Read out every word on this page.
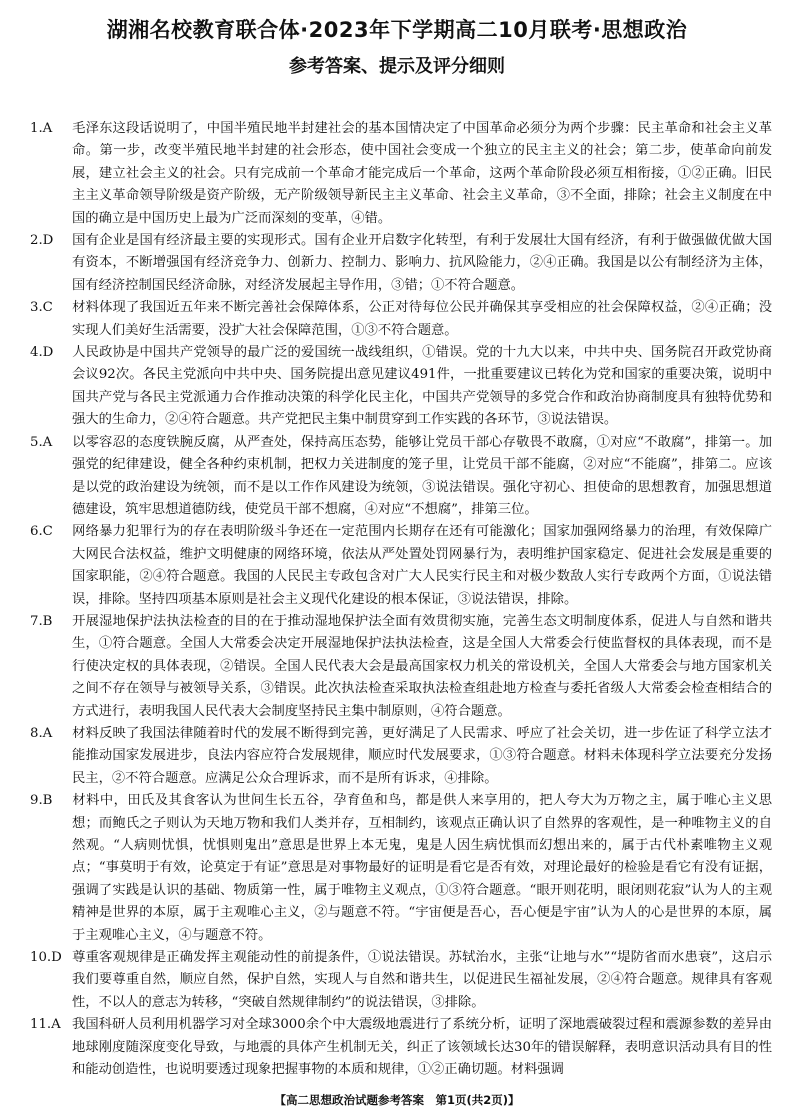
湖湘名校教育联合体·2023年下学期高二10月联考·思想政治
参考答案、提示及评分细则

1.A 毛泽东这段话说明了，中国半殖民地半封建社会的基本国情决定了中国革命必须分为两个步骤：民主革命和社会主义革命。第一步，改变半殖民地半封建的社会形态，使中国社会变成一个独立的民主主义的社会；第二步，使革命向前发展，建立社会主义的社会。只有完成前一个革命才能完成后一个革命，这两个革命阶段必须互相衔接，①②正确。旧民主主义革命领导阶级是资产阶级，无产阶级领导新民主主义革命、社会主义革命，③不全面，排除；社会主义制度在中国的确立是中国历史上最为广泛而深刻的变革，④错。

2.D 国有企业是国有经济最主要的实现形式。国有企业开启数字化转型，有利于发展壮大国有经济，有利于做强做优做大国有资本，不断增强国有经济竞争力、创新力、控制力、影响力、抗风险能力，②④正确。我国是以公有制经济为主体，国有经济控制国民经济命脉，对经济发展起主导作用，③错；①不符合题意。

3.C 材料体现了我国近五年来不断完善社会保障体系，公正对待每位公民并确保其享受相应的社会保障权益，②④正确；没实现人们美好生活需要，没扩大社会保障范围，①③不符合题意。

4.D 人民政协是中国共产党领导的最广泛的爱国统一战线组织，①错误。党的十九大以来，中共中央、国务院召开政党协商会议92次。各民主党派向中共中央、国务院提出意见建议491件，一批重要建议已转化为党和国家的重要决策，说明中国共产党与各民主党派通力合作推动决策的科学化民主化，中国共产党领导的多党合作和政治协商制度具有独特优势和强大的生命力，②④符合题意。共产党把民主集中制贯穿到工作实践的各环节，③说法错误。

5.A 以零容忍的态度铁腕反腐，从严查处，保持高压态势，能够让党员干部心存敬畏不敢腐，①对应“不敢腐”，排第一。加强党的纪律建设，健全各种约束机制，把权力关进制度的笼子里，让党员干部不能腐，②对应“不能腐”，排第二。应该是以党的政治建设为统领，而不是以工作作风建设为统领，③说法错误。强化守初心、担使命的思想教育，加强思想道德建设，筑牢思想道德防线，使党员干部不想腐，④对应“不想腐”，排第三位。

6.C 网络暴力犯罪行为的存在表明阶级斗争还在一定范围内长期存在还有可能激化；国家加强网络暴力的治理，有效保障广大网民合法权益，维护文明健康的网络环境，依法从严处置处罚网暴行为，表明维护国家稳定、促进社会发展是重要的国家职能，②④符合题意。我国的人民民主专政包含对广大人民实行民主和对极少数敌人实行专政两个方面，①说法错误，排除。坚持四项基本原则是社会主义现代化建设的根本保证，③说法错误，排除。

7.B 开展湿地保护法执法检查的目的在于推动湿地保护法全面有效贯彻实施，完善生态文明制度体系，促进人与自然和谐共生，①符合题意。全国人大常委会决定开展湿地保护法执法检查，这是全国人大常委会行使监督权的具体表现，而不是行使决定权的具体表现，②错误。全国人民代表大会是最高国家权力机关的常设机关，全国人大常委会与地方国家机关之间不存在领导与被领导关系，③错误。此次执法检查采取执法检查组赴地方检查与委托省级人大常委会检查相结合的方式进行，表明我国人民代表大会制度坚持民主集中制原则，④符合题意。

8.A 材料反映了我国法律随着时代的发展不断得到完善，更好满足了人民需求、呼应了社会关切，进一步佐证了科学立法才能推动国家发展进步，良法内容应符合发展规律，顺应时代发展要求，①③符合题意。材料未体现科学立法要充分发扬民主，②不符合题意。应满足公众合理诉求，而不是所有诉求，④排除。

9.B 材料中，田氏及其食客认为世间生长五谷，孕育鱼和鸟，都是供人来享用的，把人夸大为万物之主，属于唯心主义思想；而鲍氏之子则认为天地万物和我们人类并存，互相制约，该观点正确认识了自然界的客观性，是一种唯物主义的自然观。“人病则忧惧，忧惧则鬼出”意思是世界上本无鬼，鬼是人因生病忧惧而幻想出来的，属于古代朴素唯物主义观点；“事莫明于有效，论莫定于有证”意思是对事物最好的证明是看它是否有效，对理论最好的检验是看它有没有证据，强调了实践是认识的基础、物质第一性，属于唯物主义观点，①③符合题意。“眼开则花明，眼闭则花寂”认为人的主观精神是世界的本原，属于主观唯心主义，②与题意不符。“宇宙便是吾心，吾心便是宇宙”认为人的心是世界的本原，属于主观唯心主义，④与题意不符。

10.D 尊重客观规律是正确发挥主观能动性的前提条件，①说法错误。苏轼治水，主张“让地与水”“堤防省而水患衰”，这启示我们要尊重自然，顺应自然，保护自然，实现人与自然和谐共生，以促进民生福祉发展，②④符合题意。规律具有客观性，不以人的意志为转移，“突破自然规律制约”的说法错误，③排除。

11.A 我国科研人员利用机器学习对全球3000余个中大震级地震进行了系统分析，证明了深地震破裂过程和震源参数的差异由地球刚度随深度变化导致，与地震的具体产生机制无关，纠正了该领域长达30年的错误解释，表明意识活动具有目的性和能动创造性，也说明要透过现象把握事物的本质和规律，①②正确切题。材料强调

【高二思想政治试题参考答案　第1页(共2页)】
